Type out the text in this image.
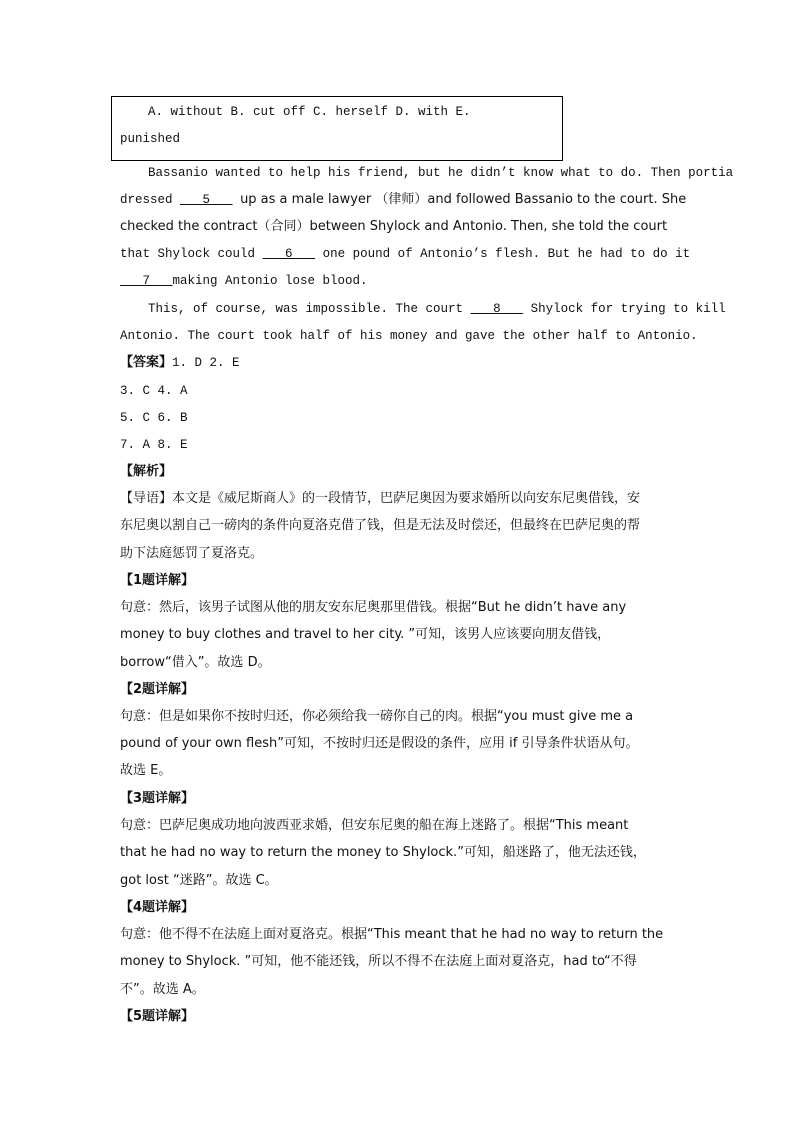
A. without B. cut off C. herself D. with E.
punished
Bassanio wanted to help his friend, but he didn’t know what to do. Then portia
dressed ___5___ up as a male lawyer （律师）and followed Bassanio to the court. She
checked the contract（合同）between Shylock and Antonio. Then, she told the court
that Shylock could ___6___ one pound of Antonio’s flesh. But he had to do it
___7___making Antonio lose blood.
This, of course, was impossible. The court ___8___ Shylock for trying to kill
Antonio. The court took half of his money and gave the other half to Antonio.
【答案】1. D 2. E
3. C 4. A
5. C 6. B
7. A 8. E
【解析】
【导语】本文是《威尼斯商人》的一段情节，巴萨尼奥因为要求婚所以向安东尼奥借钱，安
东尼奥以割自己一磅肉的条件向夏洛克借了钱，但是无法及时偿还，但最终在巴萨尼奥的帮
助下法庭惩罚了夏洛克。
【1题详解】
句意：然后，该男子试图从他的朋友安东尼奥那里借钱。根据“But he didn’t have any
money to buy clothes and travel to her city. ”可知，该男人应该要向朋友借钱，
borrow“借入”。故选 D。
【2题详解】
句意：但是如果你不按时归还，你必须给我一磅你自己的肉。根据“you must give me a
pound of your own flesh”可知，不按时归还是假设的条件，应用 if 引导条件状语从句。
故选 E。
【3题详解】
句意：巴萨尼奥成功地向波西亚求婚，但安东尼奥的船在海上迷路了。根据“This meant
that he had no way to return the money to Shylock.”可知，船迷路了，他无法还钱，
got lost “迷路”。故选 C。
【4题详解】
句意：他不得不在法庭上面对夏洛克。根据“This meant that he had no way to return the
money to Shylock. ”可知，他不能还钱，所以不得不在法庭上面对夏洛克，had to“不得
不”。故选 A。
【5题详解】
